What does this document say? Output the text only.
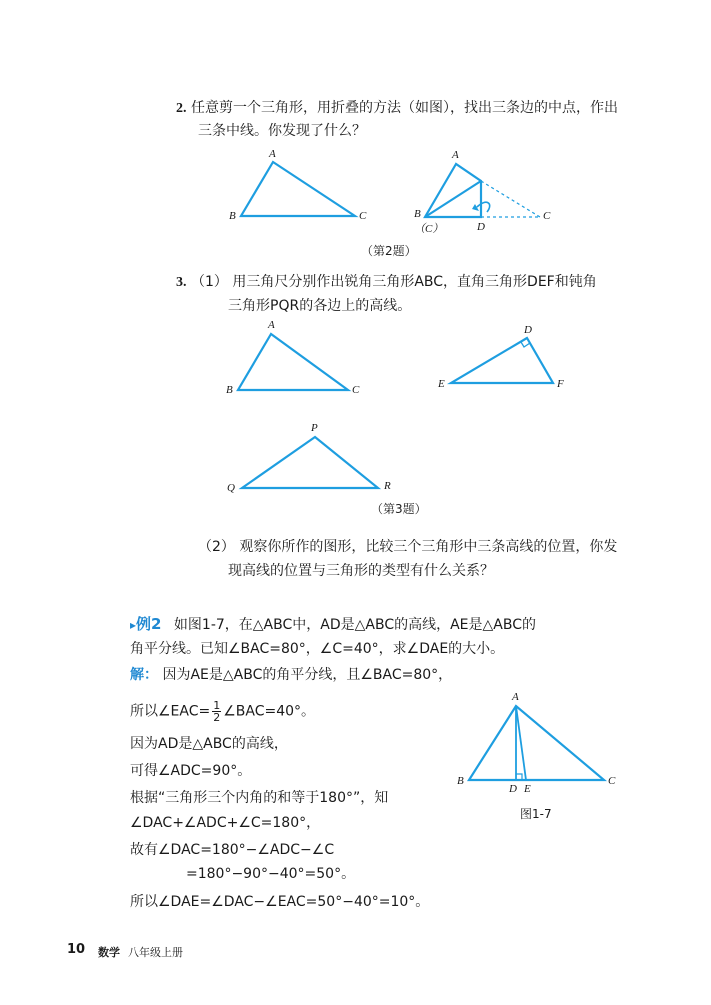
2. 任意剪一个三角形，用折叠的方法（如图），找出三条边的中点，作出
三条中线。你发现了什么？
A
B	C
A
B
（C）	D
C
（第2题）
3. （1） 用三角尺分别作出锐角三角形ABC，直角三角形DEF和钝角
三角形PQR的各边上的高线。
A
B	C
D
E	F
P
Q	R
（第3题）
（2） 观察你所作的图形，比较三个三角形中三条高线的位置，你发
现高线的位置与三角形的类型有什么关系？
▸例2 如图1-7，在△ABC中，AD是△ABC的高线，AE是△ABC的
角平分线。已知∠BAC=80°，∠C=40°，求∠DAE的大小。
解： 因为AE是△ABC的角平分线，且∠BAC=80°，
所以∠EAC= $\frac{1}{2}$ ∠BAC=40°。
因为AD是△ABC的高线，
可得∠ADC=90°。
根据“三角形三个内角的和等于180°”，知
∠DAC+∠ADC+∠C=180°，
故有∠DAC=180°−∠ADC−∠C
=180°−90°−40°=50°。
所以∠DAE=∠DAC−∠EAC=50°−40°=10°。
A
B
D E
C
图1-7
10 数学 八年级上册
